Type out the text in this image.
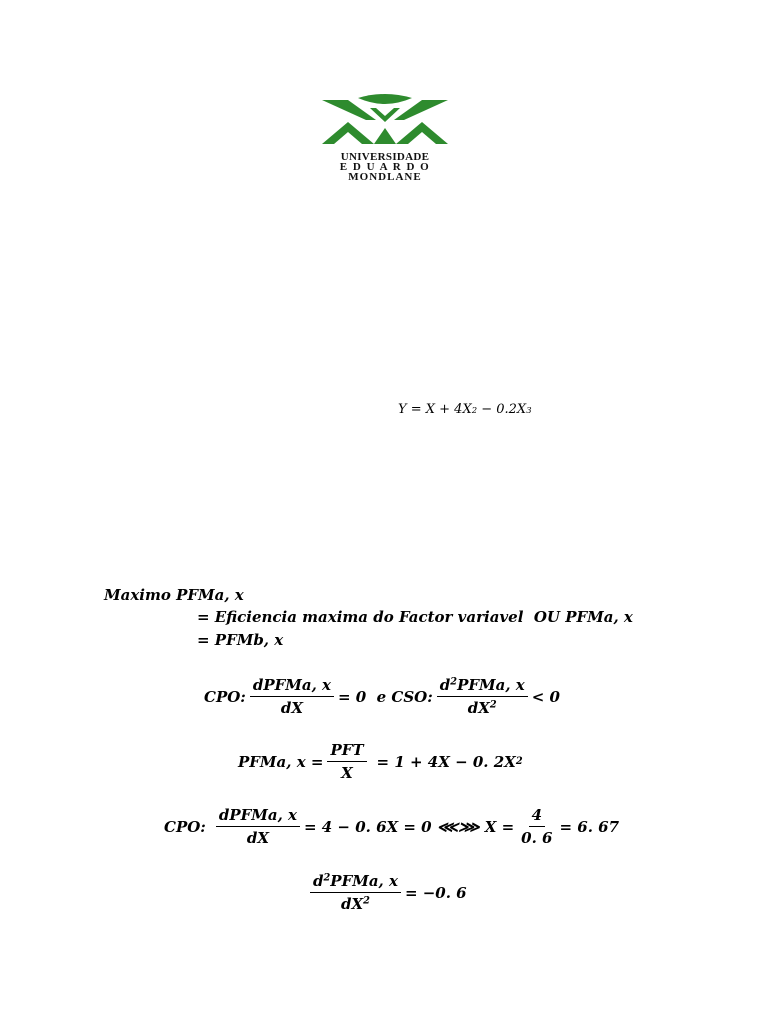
UNIVERSIDADE
E D U A R D O
MONDLANE
Y = X + 4X 2 − 0.2X 3
Maximo PFMa, x
= Eficiencia maxima do Factor variavel  OU PFMa, x
= PFMb, x
CPO: $\frac{\text{dPFMa, x}}{dX} = 0$  e CSO: $\frac{d^2PFMa, x}{dX^2} < 0$
PFMa, $x = \frac{\text{PFT}}{X} = 1 + 4X - 0$. 2X 2
CPO: $\frac{\text{dPFMa, x}}{dX} = 4 - 0$. 6X = 0 ⋘⋙ $X = \frac{4}{0. 6} = 6$. 67
$\frac{d^2PFMa, x}{dX^2} = -0$. 6
